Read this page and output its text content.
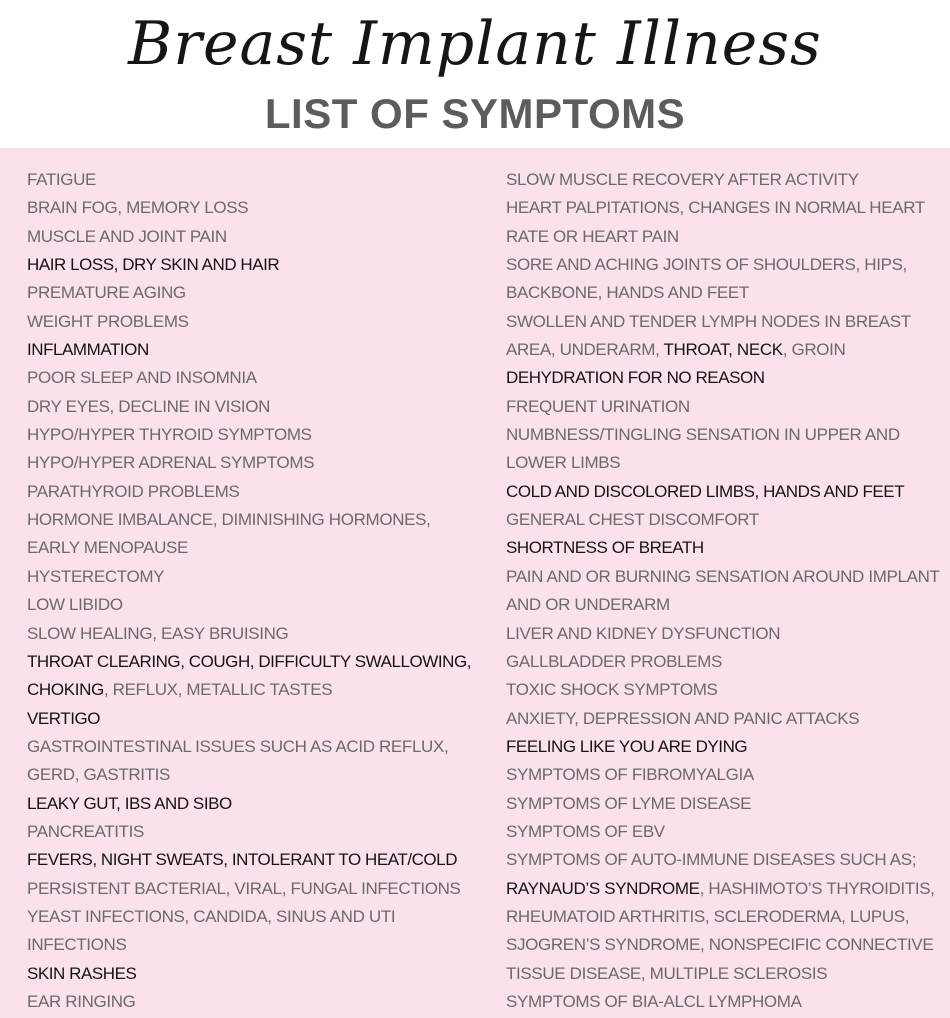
Breast Implant Illness
LIST OF SYMPTOMS
FATIGUE
BRAIN FOG, MEMORY LOSS
MUSCLE AND JOINT PAIN
HAIR LOSS, DRY SKIN AND HAIR
PREMATURE AGING
WEIGHT PROBLEMS
INFLAMMATION
POOR SLEEP AND INSOMNIA
DRY EYES, DECLINE IN VISION
HYPO/HYPER THYROID SYMPTOMS
HYPO/HYPER ADRENAL SYMPTOMS
PARATHYROID PROBLEMS
HORMONE IMBALANCE, DIMINISHING HORMONES,
EARLY MENOPAUSE
HYSTERECTOMY
LOW LIBIDO
SLOW HEALING, EASY BRUISING
THROAT CLEARING, COUGH, DIFFICULTY SWALLOWING,
CHOKING, REFLUX, METALLIC TASTES
VERTIGO
GASTROINTESTINAL ISSUES SUCH AS ACID REFLUX,
GERD, GASTRITIS
LEAKY GUT, IBS AND SIBO
PANCREATITIS
FEVERS, NIGHT SWEATS, INTOLERANT TO HEAT/COLD
PERSISTENT BACTERIAL, VIRAL, FUNGAL INFECTIONS
YEAST INFECTIONS, CANDIDA, SINUS AND UTI
INFECTIONS
SKIN RASHES
EAR RINGING
SLOW MUSCLE RECOVERY AFTER ACTIVITY
HEART PALPITATIONS, CHANGES IN NORMAL HEART
RATE OR HEART PAIN
SORE AND ACHING JOINTS OF SHOULDERS, HIPS,
BACKBONE, HANDS AND FEET
SWOLLEN AND TENDER LYMPH NODES IN BREAST
AREA, UNDERARM, THROAT, NECK, GROIN
DEHYDRATION FOR NO REASON
FREQUENT URINATION
NUMBNESS/TINGLING SENSATION IN UPPER AND
LOWER LIMBS
COLD AND DISCOLORED LIMBS, HANDS AND FEET
GENERAL CHEST DISCOMFORT
SHORTNESS OF BREATH
PAIN AND OR BURNING SENSATION AROUND IMPLANT
AND OR UNDERARM
LIVER AND KIDNEY DYSFUNCTION
GALLBLADDER PROBLEMS
TOXIC SHOCK SYMPTOMS
ANXIETY, DEPRESSION AND PANIC ATTACKS
FEELING LIKE YOU ARE DYING
SYMPTOMS OF FIBROMYALGIA
SYMPTOMS OF LYME DISEASE
SYMPTOMS OF EBV
SYMPTOMS OF AUTO-IMMUNE DISEASES SUCH AS;
RAYNAUD’S SYNDROME, HASHIMOTO’S THYROIDITIS,
RHEUMATOID ARTHRITIS, SCLERODERMA, LUPUS,
SJOGREN’S SYNDROME, NONSPECIFIC CONNECTIVE
TISSUE DISEASE, MULTIPLE SCLEROSIS
SYMPTOMS OF BIA-ALCL LYMPHOMA
